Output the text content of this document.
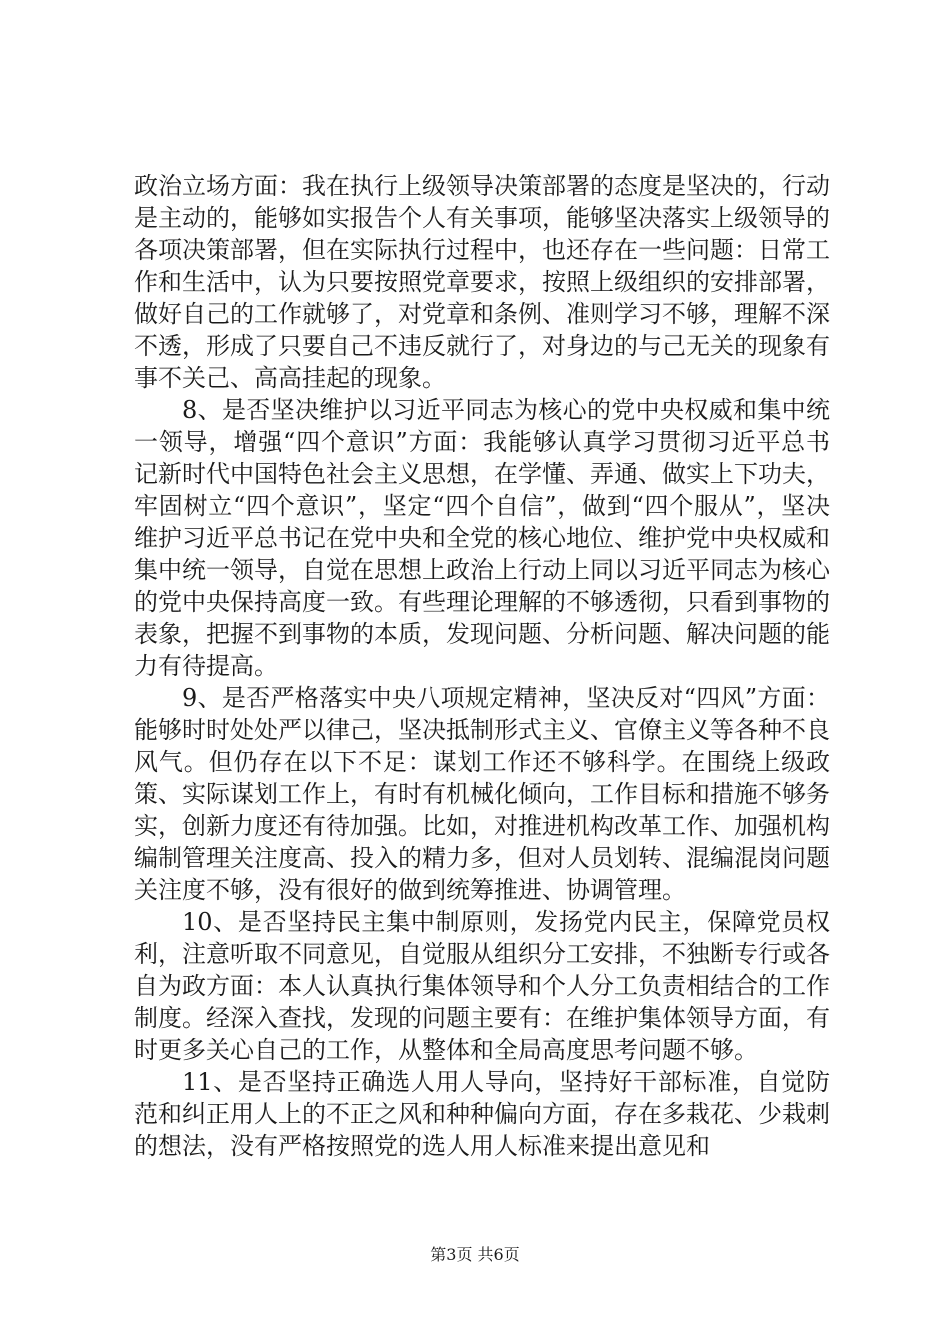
政治立场方面：我在执行上级领导决策部署的态度是坚决的，行动是主动的，能够如实报告个人有关事项，能够坚决落实上级领导的各项决策部署，但在实际执行过程中，也还存在一些问题：日常工作和生活中，认为只要按照党章要求，按照上级组织的安排部署，做好自己的工作就够了，对党章和条例、准则学习不够，理解不深不透，形成了只要自己不违反就行了，对身边的与己无关的现象有事不关己、高高挂起的现象。

8、是否坚决维护以习近平同志为核心的党中央权威和集中统一领导，增强“四个意识”方面：我能够认真学习贯彻习近平总书记新时代中国特色社会主义思想，在学懂、弄通、做实上下功夫，牢固树立“四个意识”，坚定“四个自信”，做到“四个服从”，坚决维护习近平总书记在党中央和全党的核心地位、维护党中央权威和集中统一领导，自觉在思想上政治上行动上同以习近平同志为核心的党中央保持高度一致。有些理论理解的不够透彻，只看到事物的表象，把握不到事物的本质，发现问题、分析问题、解决问题的能力有待提高。

9、是否严格落实中央八项规定精神，坚决反对“四风”方面：能够时时处处严以律己，坚决抵制形式主义、官僚主义等各种不良风气。但仍存在以下不足：谋划工作还不够科学。在围绕上级政策、实际谋划工作上，有时有机械化倾向，工作目标和措施不够务实，创新力度还有待加强。比如，对推进机构改革工作、加强机构编制管理关注度高、投入的精力多，但对人员划转、混编混岗问题关注度不够，没有很好的做到统筹推进、协调管理。

10、是否坚持民主集中制原则，发扬党内民主，保障党员权利，注意听取不同意见，自觉服从组织分工安排，不独断专行或各自为政方面：本人认真执行集体领导和个人分工负责相结合的工作制度。经深入查找，发现的问题主要有：在维护集体领导方面，有时更多关心自己的工作，从整体和全局高度思考问题不够。

11、是否坚持正确选人用人导向，坚持好干部标准，自觉防范和纠正用人上的不正之风和种种偏向方面，存在多栽花、少栽刺的想法，没有严格按照党的选人用人标准来提出意见和

第3页 共6页
